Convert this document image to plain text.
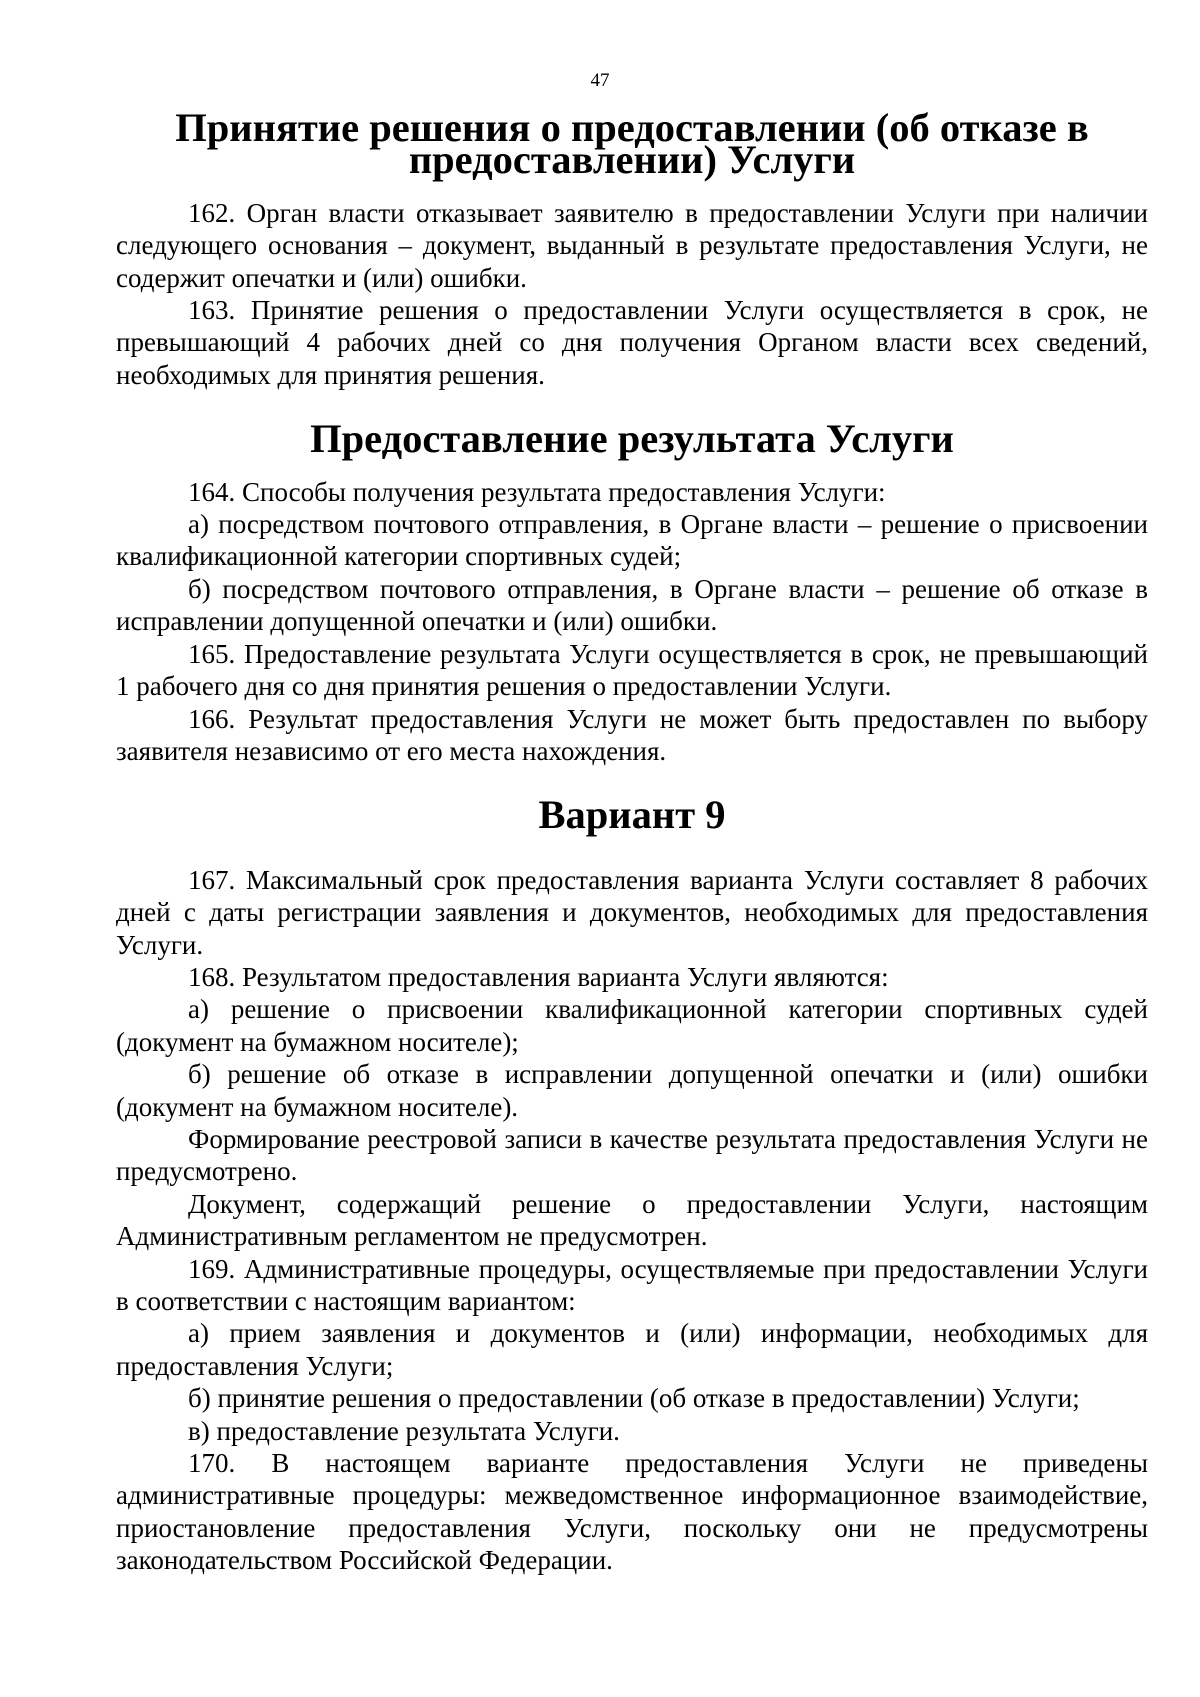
47
Принятие решения о предоставлении (об отказе в предоставлении) Услуги

162. Орган власти отказывает заявителю в предоставлении Услуги при наличии следующего основания – документ, выданный в результате предоставления Услуги, не содержит опечатки и (или) ошибки.

163. Принятие решения о предоставлении Услуги осуществляется в срок, не превышающий 4 рабочих дней со дня получения Органом власти всех сведений, необходимых для принятия решения.

Предоставление результата Услуги

164. Способы получения результата предоставления Услуги:

а) посредством почтового отправления, в Органе власти – решение о присвоении квалификационной категории спортивных судей;

б) посредством почтового отправления, в Органе власти – решение об отказе в исправлении допущенной опечатки и (или) ошибки.

165. Предоставление результата Услуги осуществляется в срок, не превышающий 1 рабочего дня со дня принятия решения о предоставлении Услуги.

166. Результат предоставления Услуги не может быть предоставлен по выбору заявителя независимо от его места нахождения.

Вариант 9

167. Максимальный срок предоставления варианта Услуги составляет 8 рабочих дней с даты регистрации заявления и документов, необходимых для предоставления Услуги.

168. Результатом предоставления варианта Услуги являются:

а) решение о присвоении квалификационной категории спортивных судей (документ на бумажном носителе);

б) решение об отказе в исправлении допущенной опечатки и (или) ошибки (документ на бумажном носителе).

Формирование реестровой записи в качестве результата предоставления Услуги не предусмотрено.

Документ, содержащий решение о предоставлении Услуги, настоящим Административным регламентом не предусмотрен.

169. Административные процедуры, осуществляемые при предоставлении Услуги в соответствии с настоящим вариантом:

а) прием заявления и документов и (или) информации, необходимых для предоставления Услуги;

б) принятие решения о предоставлении (об отказе в предоставлении) Услуги;

в) предоставление результата Услуги.

170. В настоящем варианте предоставления Услуги не приведены административные процедуры: межведомственное информационное взаимодействие, приостановление предоставления Услуги, поскольку они не предусмотрены законодательством Российской Федерации.
